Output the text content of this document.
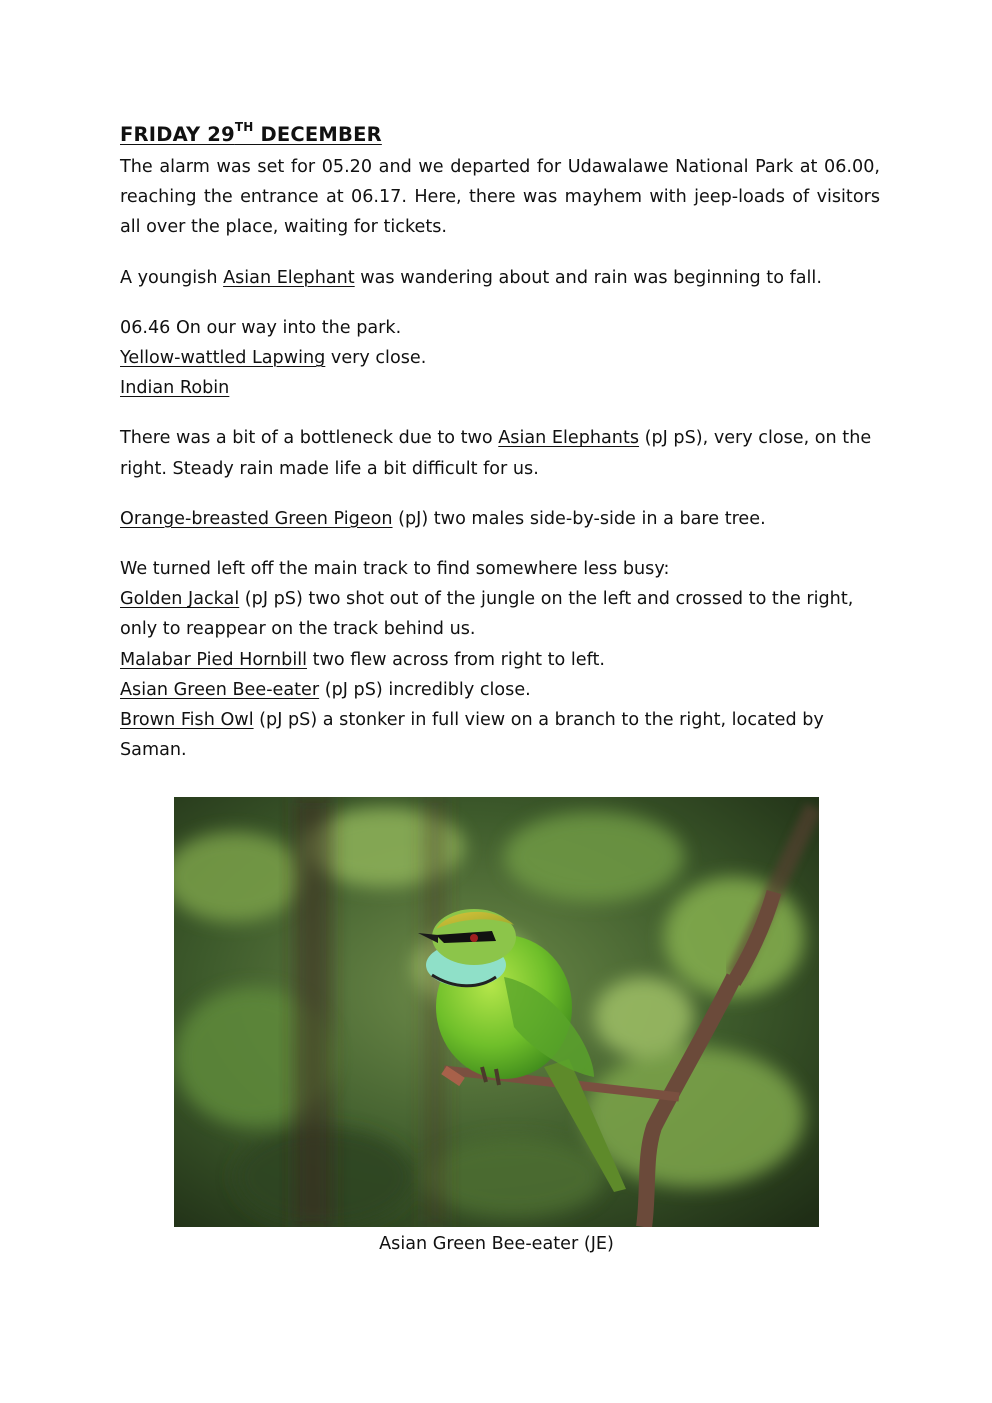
FRIDAY 29TH DECEMBER

The alarm was set for 05.20 and we departed for Udawalawe National Park at 06.00, reaching the entrance at 06.17. Here, there was mayhem with jeep-loads of visitors all over the place, waiting for tickets.

A youngish Asian Elephant was wandering about and rain was beginning to fall.

06.46 On our way into the park.
Yellow-wattled Lapwing very close.
Indian Robin

There was a bit of a bottleneck due to two Asian Elephants (pJ pS), very close, on the right. Steady rain made life a bit difficult for us.

Orange-breasted Green Pigeon (pJ) two males side-by-side in a bare tree.

We turned left off the main track to find somewhere less busy:
Golden Jackal (pJ pS) two shot out of the jungle on the left and crossed to the right, only to reappear on the track behind us.
Malabar Pied Hornbill two flew across from right to left.
Asian Green Bee-eater (pJ pS) incredibly close.
Brown Fish Owl (pJ pS) a stonker in full view on a branch to the right, located by Saman.

Asian Green Bee-eater (JE)
